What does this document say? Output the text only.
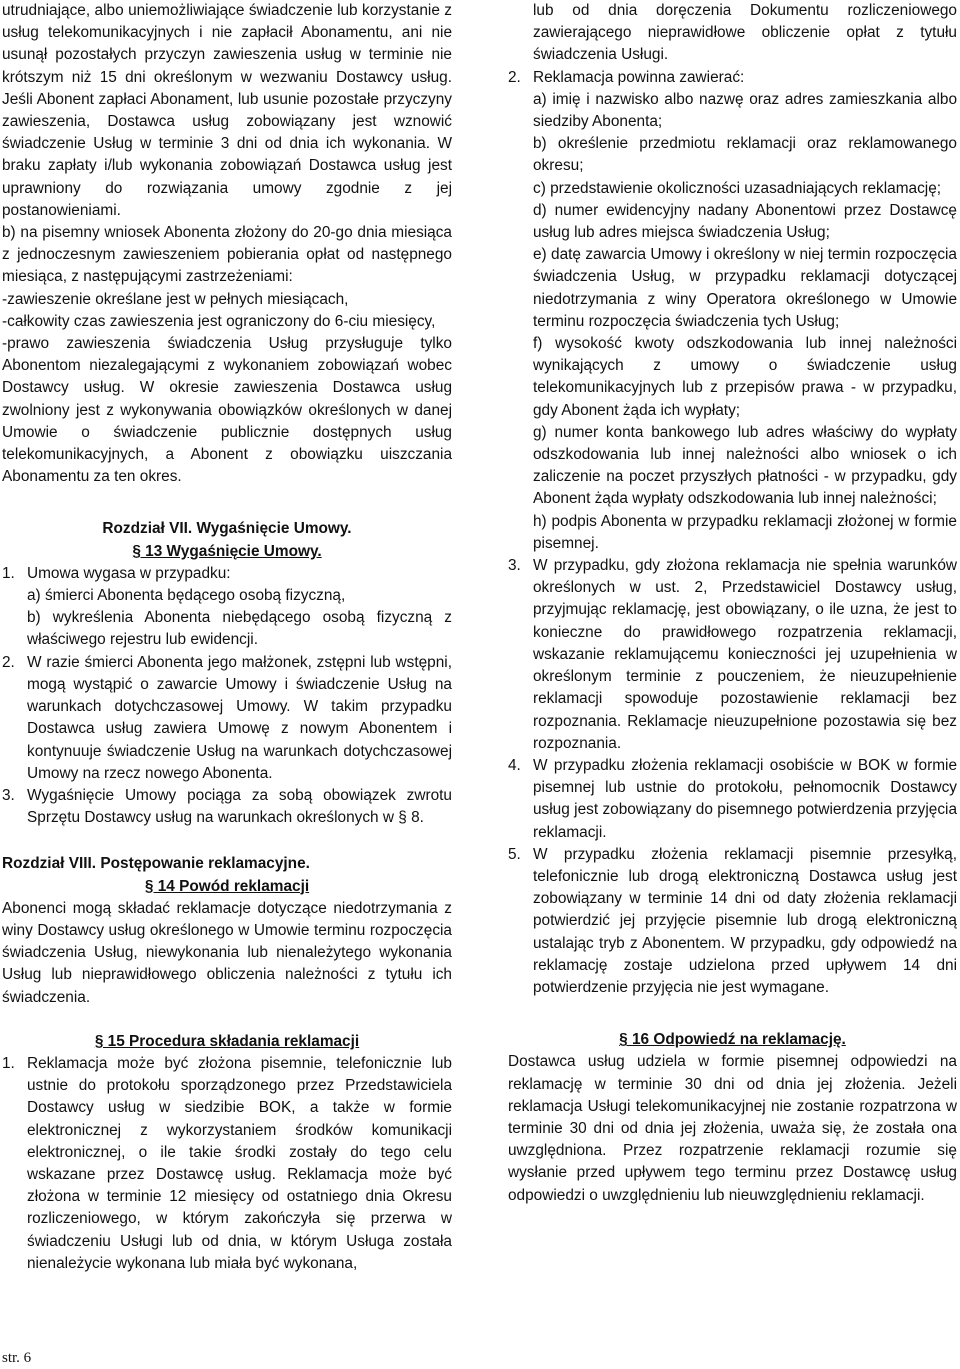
utrudniające, albo uniemożliwiające świadczenie lub korzystanie z usług telekomunikacyjnych i nie zapłacił Abonamentu, ani nie usunął pozostałych przyczyn zawieszenia usług w terminie nie krótszym niż 15 dni określonym w wezwaniu Dostawcy usług. Jeśli Abonent zapłaci Abonament, lub usunie pozostałe przyczyny zawieszenia, Dostawca usług zobowiązany jest wznowić świadczenie Usług w terminie 3 dni od dnia ich wykonania. W braku zapłaty i/lub wykonania zobowiązań Dostawca usług jest uprawniony do rozwiązania umowy zgodnie z jej postanowieniami.

b) na pisemny wniosek Abonenta złożony do 20-go dnia miesiąca z jednoczesnym zawieszeniem pobierania opłat od następnego miesiąca, z następującymi zastrzeżeniami:

-zawieszenie określane jest w pełnych miesiącach,

-całkowity czas zawieszenia jest ograniczony do 6-ciu miesięcy,

-prawo zawieszenia świadczenia Usług przysługuje tylko Abonentom niezalegającymi z wykonaniem zobowiązań wobec Dostawcy usług. W okresie zawieszenia Dostawca usług zwolniony jest z wykonywania obowiązków określonych w danej Umowie o świadczenie publicznie dostępnych usług telekomunikacyjnych, a Abonent z obowiązku uiszczania Abonamentu za ten okres.

Rozdział VII. Wygaśnięcie Umowy.

§ 13 Wygaśnięcie Umowy.

1. Umowa wygasa w przypadku:

a) śmierci Abonenta będącego osobą fizyczną,

b) wykreślenia Abonenta niebędącego osobą fizyczną z właściwego rejestru lub ewidencji.

2. W razie śmierci Abonenta jego małżonek, zstępni lub wstępni, mogą wystąpić o zawarcie Umowy i świadczenie Usług na warunkach dotychczasowej Umowy. W takim przypadku Dostawca usług zawiera Umowę z nowym Abonentem i kontynuuje świadczenie Usług na warunkach dotychczasowej Umowy na rzecz nowego Abonenta.
3. Wygaśnięcie Umowy pociąga za sobą obowiązek zwrotu Sprzętu Dostawcy usług na warunkach określonych w § 8.

Rozdział VIII. Postępowanie reklamacyjne.

§ 14 Powód reklamacji

Abonenci mogą składać reklamacje dotyczące niedotrzymania z winy Dostawcy usług określonego w Umowie terminu rozpoczęcia świadczenia Usług, niewykonania lub nienależytego wykonania Usług lub nieprawidłowego obliczenia należności z tytułu ich świadczenia.

§ 15 Procedura składania reklamacji

1. Reklamacja może być złożona pisemnie, telefonicznie lub ustnie do protokołu sporządzonego przez Przedstawiciela Dostawcy usług w siedzibie BOK, a także w formie elektronicznej z wykorzystaniem środków komunikacji elektronicznej, o ile takie środki zostały do tego celu wskazane przez Dostawcę usług. Reklamacja może być złożona w terminie 12 miesięcy od ostatniego dnia Okresu rozliczeniowego, w którym zakończyła się przerwa w świadczeniu Usługi lub od dnia, w którym Usługa została nienależycie wykonana lub miała być wykonana,

lub od dnia doręczenia Dokumentu rozliczeniowego zawierającego nieprawidłowe obliczenie opłat z tytułu świadczenia Usługi.

2. Reklamacja powinna zawierać:

a) imię i nazwisko albo nazwę oraz adres zamieszkania albo siedziby Abonenta;

b) określenie przedmiotu reklamacji oraz reklamowanego okresu;

c) przedstawienie okoliczności uzasadniających reklamację;

d) numer ewidencyjny nadany Abonentowi przez Dostawcę usług lub adres miejsca świadczenia Usług;

e) datę zawarcia Umowy i określony w niej termin rozpoczęcia świadczenia Usług, w przypadku reklamacji dotyczącej niedotrzymania z winy Operatora określonego w Umowie terminu rozpoczęcia świadczenia tych Usług;

f) wysokość kwoty odszkodowania lub innej należności wynikających z umowy o świadczenie usług telekomunikacyjnych lub z przepisów prawa - w przypadku, gdy Abonent żąda ich wypłaty;

g) numer konta bankowego lub adres właściwy do wypłaty odszkodowania lub innej należności albo wniosek o ich zaliczenie na poczet przyszłych płatności - w przypadku, gdy Abonent żąda wypłaty odszkodowania lub innej należności;

h) podpis Abonenta w przypadku reklamacji złożonej w formie pisemnej.

3. W przypadku, gdy złożona reklamacja nie spełnia warunków określonych w ust. 2, Przedstawiciel Dostawcy usług, przyjmując reklamację, jest obowiązany, o ile uzna, że jest to konieczne do prawidłowego rozpatrzenia reklamacji, wskazanie reklamującemu konieczności jej uzupełnienia w określonym terminie z pouczeniem, że nieuzupełnienie reklamacji spowoduje pozostawienie reklamacji bez rozpoznania. Reklamacje nieuzupełnione pozostawia się bez rozpoznania.
4. W przypadku złożenia reklamacji osobiście w BOK w formie pisemnej lub ustnie do protokołu, pełnomocnik Dostawcy usług jest zobowiązany do pisemnego potwierdzenia przyjęcia reklamacji.
5. W przypadku złożenia reklamacji pisemnie przesyłką, telefonicznie lub drogą elektroniczną Dostawca usług jest zobowiązany w terminie 14 dni od daty złożenia reklamacji potwierdzić jej przyjęcie pisemnie lub drogą elektroniczną ustalając tryb z Abonentem. W przypadku, gdy odpowiedź na reklamację zostaje udzielona przed upływem 14 dni potwierdzenie przyjęcia nie jest wymagane.

§ 16 Odpowiedź na reklamację.

Dostawca usług udziela w formie pisemnej odpowiedzi na reklamację w terminie 30 dni od dnia jej złożenia. Jeżeli reklamacja Usługi telekomunikacyjnej nie zostanie rozpatrzona w terminie 30 dni od dnia jej złożenia, uważa się, że została ona uwzględniona. Przez rozpatrzenie reklamacji rozumie się wysłanie przed upływem tego terminu przez Dostawcę usług odpowiedzi o uwzględnieniu lub nieuwzględnieniu reklamacji.

str. 6
